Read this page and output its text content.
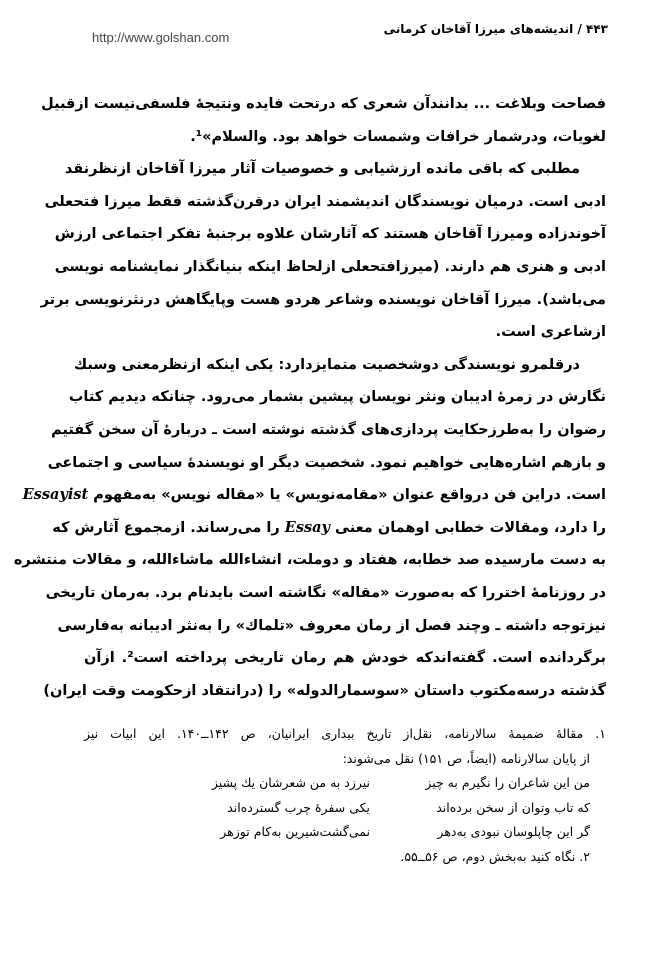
۴۴۳ / اندیشه‌های میرزا آقاخان کرمانی
http://www.golshan.com
فصاحت وبلاغت ... بدانندآن شعری که درتحت فایده ونتیجهٔ فلسفی‌نیست ازقبیل
لغویات، ودرشمار خرافات وشمسات خواهد بود. والسلام»¹.
مطلبی که باقی مانده ارزشیابی و خصوصیات آثار میرزا آقاخان ازنظرنقد
ادبی است. درمیان نویسندگان اندیشمند ایران درقرن‌گذشته فقط میرزا فتحعلی
آخوندزاده ومیرزا آقاخان هستند که آثارشان علاوه برجنبهٔ تفکر اجتماعی ارزش
ادبی و هنری هم دارند. (میرزافتحعلی ازلحاظ اینکه بنیانگذار نمایشنامه نویسی
می‌باشد). میرزا آقاخان نویسنده وشاعر هردو هست وپایگاهش درنثرنویسی برتر
ازشاعری است.
درقلمرو نویسندگی دوشخصیت متمایزدارد: یکی اینکه ازنظرمعنی وسبك
نگارش در زمرهٔ ادیبان ونثر نویسان پیشین بشمار می‌رود. چنانکه دیدیم کتاب
رضوان را به‌طرزحکایت پردازی‌های گذشته نوشته است ـ دربارهٔ آن سخن گفتیم
و بازهم اشاره‌هایی خواهیم نمود. شخصیت دیگر او نویسندهٔ سیاسی و اجتماعی
است. دراین فن درواقع عنوان «مقامه‌نویس» یا «مقاله نویس» به‌مفهوم Essayist
را دارد، ومقالات خطابی اوهمان معنی Essay را می‌رساند. ازمجموع آثارش که
به دست مارسیده صد خطابه، هفتاد و دوملت، انشاءالله ماشاءالله، و مقالات منتشره
در روزنامهٔ اختررا که به‌صورت «مقاله» نگاشته است بایدنام برد. به‌رمان تاریخی
نیزتوجه داشته ـ وچند فصل از رمان معروف «تلماك» را به‌نثر ادیبانه به‌فارسی
برگردانده است. گفته‌اندکه خودش هم رمان تاریخی پرداخته است². ازآن
گذشته درسه‌مکتوب داستان «سوسمارالدوله» را (درانتقاد ازحکومت وقت ایران)
۱. مقالهٔ ضمیمهٔ سالارنامه، نقل‌از تاریخ بیداری ایرانیان، ص ۱۴۲ــ۱۴۰. این ابیات نیز
از پایان سالارنامه (ایضاً، ص ۱۵۱) نقل می‌شوند:
من این شاعران را نگیرم به چیز
نیرزد به من شعرشان یك پشیز
که تاب وتوان از سخن برده‌اند
یکی سفرهٔ چرب گسترده‌اند
گر این چاپلوسان نبودی به‌دهر
نمی‌گشت‌شیرین به‌کام توزهر
۲. نگاه کنید به‌بخش دوم، ص ۵۶ــ۵۵.
